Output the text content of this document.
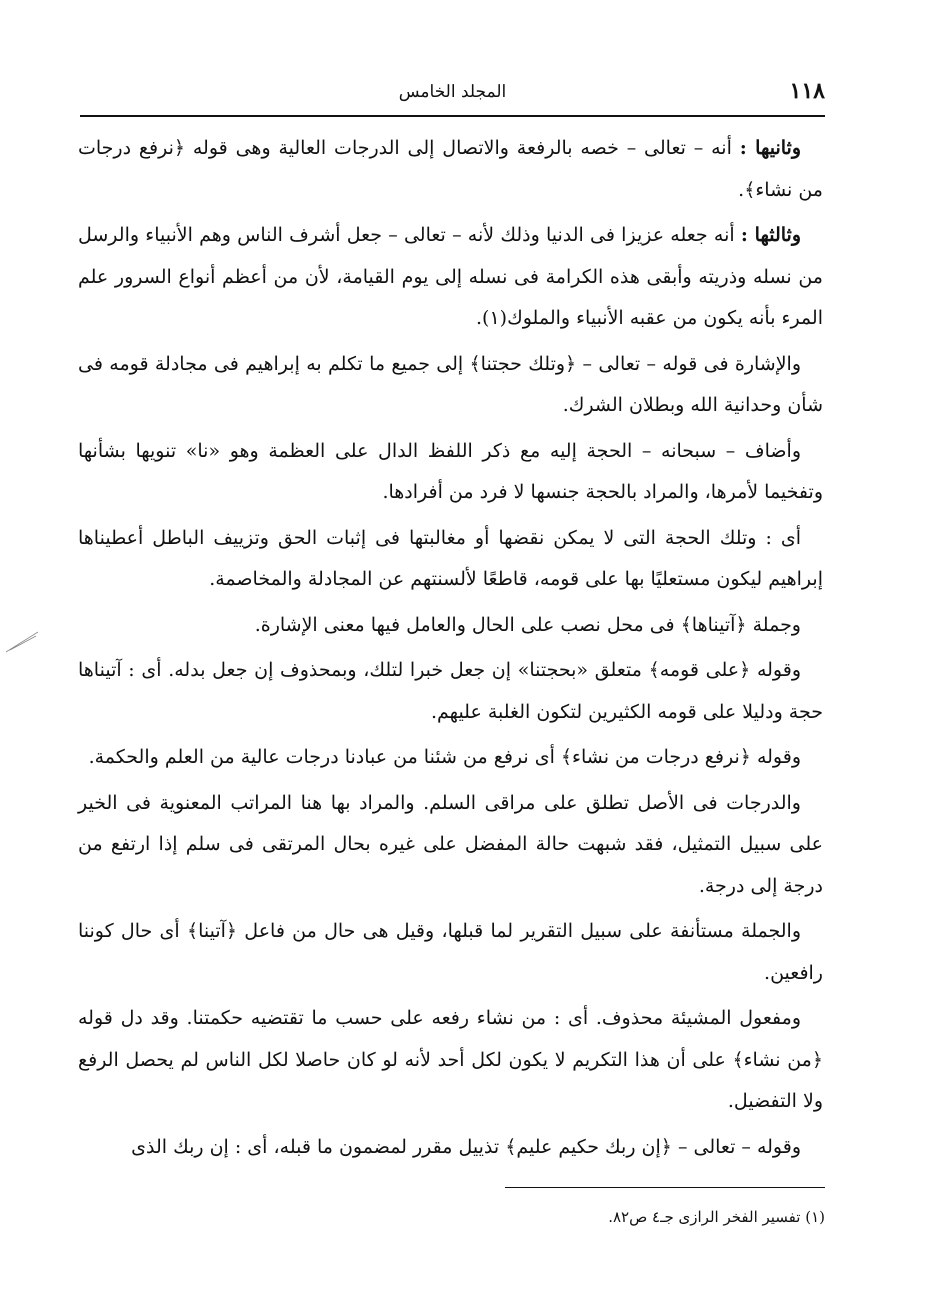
١١٨
المجلد الخامس

وثانيها : أنه – تعالى – خصه بالرفعة والاتصال إلى الدرجات العالية وهى قوله ﴿نرفع درجات من نشاء﴾.

وثالثها : أنه جعله عزيزا فى الدنيا وذلك لأنه – تعالى – جعل أشرف الناس وهم الأنبياء والرسل من نسله وذريته وأبقى هذه الكرامة فى نسله إلى يوم القيامة، لأن من أعظم أنواع السرور علم المرء بأنه يكون من عقبه الأنبياء والملوك(١).

والإشارة فى قوله – تعالى – ﴿وتلك حجتنا﴾ إلى جميع ما تكلم به إبراهيم فى مجادلة قومه فى شأن وحدانية الله وبطلان الشرك.

وأضاف – سبحانه – الحجة إليه مع ذكر اللفظ الدال على العظمة وهو «نا» تنويها بشأنها وتفخيما لأمرها، والمراد بالحجة جنسها لا فرد من أفرادها.

أى : وتلك الحجة التى لا يمكن نقضها أو مغالبتها فى إثبات الحق وتزييف الباطل أعطيناها إبراهيم ليكون مستعليًا بها على قومه، قاطعًا لألسنتهم عن المجادلة والمخاصمة.

وجملة ﴿آتيناها﴾ فى محل نصب على الحال والعامل فيها معنى الإشارة.

وقوله ﴿على قومه﴾ متعلق «بحجتنا» إن جعل خبرا لتلك، وبمحذوف إن جعل بدله. أى : آتيناها حجة ودليلا على قومه الكثيرين لتكون الغلبة عليهم.

وقوله ﴿نرفع درجات من نشاء﴾ أى نرفع من شئنا من عبادنا درجات عالية من العلم والحكمة.

والدرجات فى الأصل تطلق على مراقى السلم. والمراد بها هنا المراتب المعنوية فى الخير على سبيل التمثيل، فقد شبهت حالة المفضل على غيره بحال المرتقى فى سلم إذا ارتفع من درجة إلى درجة.

والجملة مستأنفة على سبيل التقرير لما قبلها، وقيل هى حال من فاعل ﴿آتينا﴾ أى حال كوننا رافعين.

ومفعول المشيئة محذوف. أى : من نشاء رفعه على حسب ما تقتضيه حكمتنا. وقد دل قوله ﴿من نشاء﴾ على أن هذا التكريم لا يكون لكل أحد لأنه لو كان حاصلا لكل الناس لم يحصل الرفع ولا التفضيل.

وقوله – تعالى – ﴿إن ربك حكيم عليم﴾ تذييل مقرر لمضمون ما قبله، أى : إن ربك الذى

(١) تفسير الفخر الرازى جـ٤ ص٨٢.
